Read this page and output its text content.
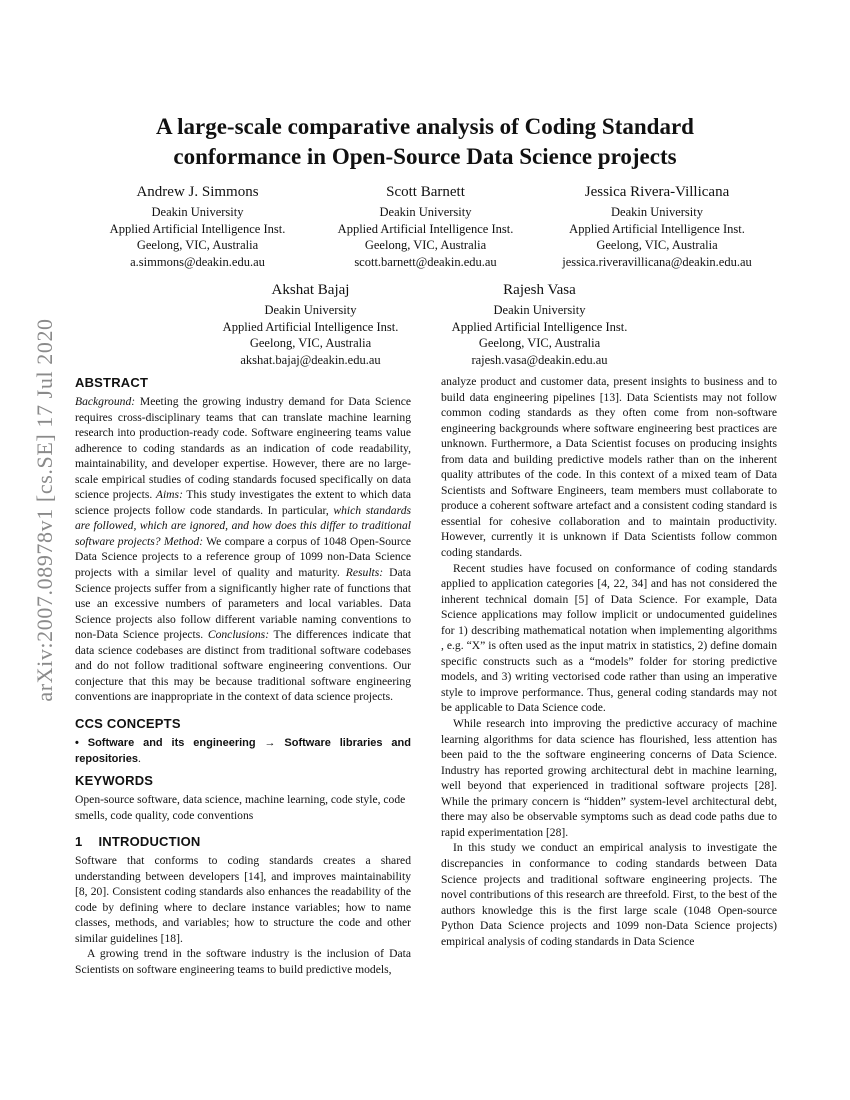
arXiv:2007.08978v1 [cs.SE] 17 Jul 2020
A large-scale comparative analysis of Coding Standard
conformance in Open-Source Data Science projects
Andrew J. Simmons
Deakin University
Applied Artificial Intelligence Inst.
Geelong, VIC, Australia
a.simmons@deakin.edu.au
Scott Barnett
Deakin University
Applied Artificial Intelligence Inst.
Geelong, VIC, Australia
scott.barnett@deakin.edu.au
Jessica Rivera-Villicana
Deakin University
Applied Artificial Intelligence Inst.
Geelong, VIC, Australia
jessica.riveravillicana@deakin.edu.au
Akshat Bajaj
Deakin University
Applied Artificial Intelligence Inst.
Geelong, VIC, Australia
akshat.bajaj@deakin.edu.au
Rajesh Vasa
Deakin University
Applied Artificial Intelligence Inst.
Geelong, VIC, Australia
rajesh.vasa@deakin.edu.au
ABSTRACT

Background: Meeting the growing industry demand for Data Science requires cross-disciplinary teams that can translate machine learning research into production-ready code. Software engineering teams value adherence to coding standards as an indication of code readability, maintainability, and developer expertise. However, there are no large-scale empirical studies of coding standards focused specifically on data science projects. Aims: This study investigates the extent to which data science projects follow code standards. In particular, which standards are followed, which are ignored, and how does this differ to traditional software projects? Method: We compare a corpus of 1048 Open-Source Data Science projects to a reference group of 1099 non-Data Science projects with a similar level of quality and maturity. Results: Data Science projects suffer from a significantly higher rate of functions that use an excessive numbers of parameters and local variables. Data Science projects also follow different variable naming conventions to non-Data Science projects. Conclusions: The differences indicate that data science codebases are distinct from traditional software codebases and do not follow traditional software engineering conventions. Our conjecture that this may be because traditional software engineering conventions are inappropriate in the context of data science projects.

CCS CONCEPTS

• Software and its engineering → Software libraries and repositories.

KEYWORDS

Open-source software, data science, machine learning, code style, code smells, code quality, code conventions

1 INTRODUCTION

Software that conforms to coding standards creates a shared understanding between developers [14], and improves maintainability [8, 20]. Consistent coding standards also enhances the readability of the code by defining where to declare instance variables; how to name classes, methods, and variables; how to structure the code and other similar guidelines [18].

A growing trend in the software industry is the inclusion of Data Scientists on software engineering teams to build predictive models,

analyze product and customer data, present insights to business and to build data engineering pipelines [13]. Data Scientists may not follow common coding standards as they often come from non-software engineering backgrounds where software engineering best practices are unknown. Furthermore, a Data Scientist focuses on producing insights from data and building predictive models rather than on the inherent quality attributes of the code. In this context of a mixed team of Data Scientists and Software Engineers, team members must collaborate to produce a coherent software artefact and a consistent coding standard is essential for cohesive collaboration and to maintain productivity. However, currently it is unknown if Data Scientists follow common coding standards.

Recent studies have focused on conformance of coding standards applied to application categories [4, 22, 34] and has not considered the inherent technical domain [5] of Data Science. For example, Data Science applications may follow implicit or undocumented guidelines for 1) describing mathematical notation when implementing algorithms , e.g. “X” is often used as the input matrix in statistics, 2) define domain specific constructs such as a “models” folder for storing predictive models, and 3) writing vectorised code rather than using an imperative style to improve performance. Thus, general coding standards may not be applicable to Data Science code.

While research into improving the predictive accuracy of machine learning algorithms for data science has flourished, less attention has been paid to the the software engineering concerns of Data Science. Industry has reported growing architectural debt in machine learning, well beyond that experienced in traditional software projects [28]. While the primary concern is “hidden” system-level architectural debt, there may also be observable symptoms such as dead code paths due to rapid experimentation [28].

In this study we conduct an empirical analysis to investigate the discrepancies in conformance to coding standards between Data Science projects and traditional software engineering projects. The novel contributions of this research are threefold. First, to the best of the authors knowledge this is the first large scale (1048 Open-source Python Data Science projects and 1099 non-Data Science projects) empirical analysis of coding standards in Data Science
